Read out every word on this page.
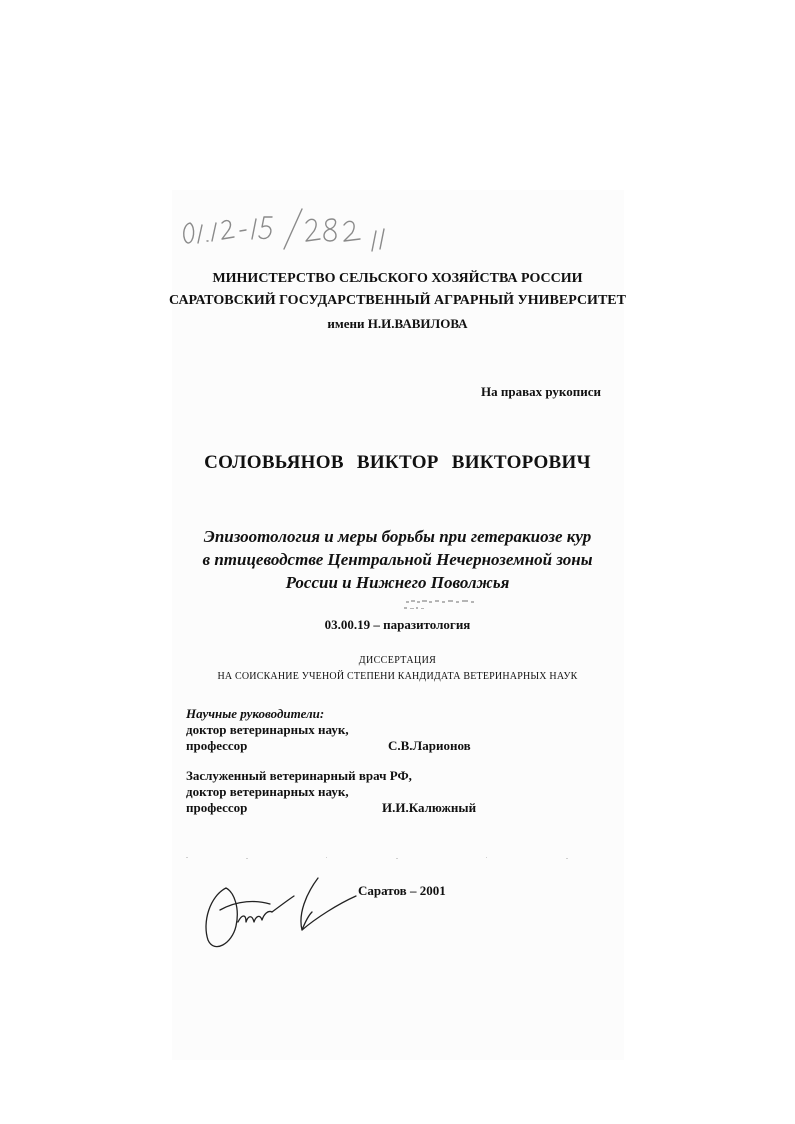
МИНИСТЕРСТВО СЕЛЬСКОГО ХОЗЯЙСТВА РОССИИ
САРАТОВСКИЙ ГОСУДАРСТВЕННЫЙ АГРАРНЫЙ УНИВЕРСИТЕТ
имени Н.И.ВАВИЛОВА
На правах рукописи
СОЛОВЬЯНОВ ВИКТОР ВИКТОРОВИЧ
Эпизоотология и меры борьбы при гетеракиозе кур
в птицеводстве Центральной Нечерноземной зоны
России и Нижнего Поволжья
03.00.19 – паразитология
ДИССЕРТАЦИЯ
НА СОИСКАНИЕ УЧЕНОЙ СТЕПЕНИ КАНДИДАТА ВЕТЕРИНАРНЫХ НАУК
Научные руководители:
доктор ветеринарных наук,
профессор	С.В.Ларионов
Заслуженный ветеринарный врач РФ,
доктор ветеринарных наук,
профессор	И.И.Калюжный
Саратов – 2001
